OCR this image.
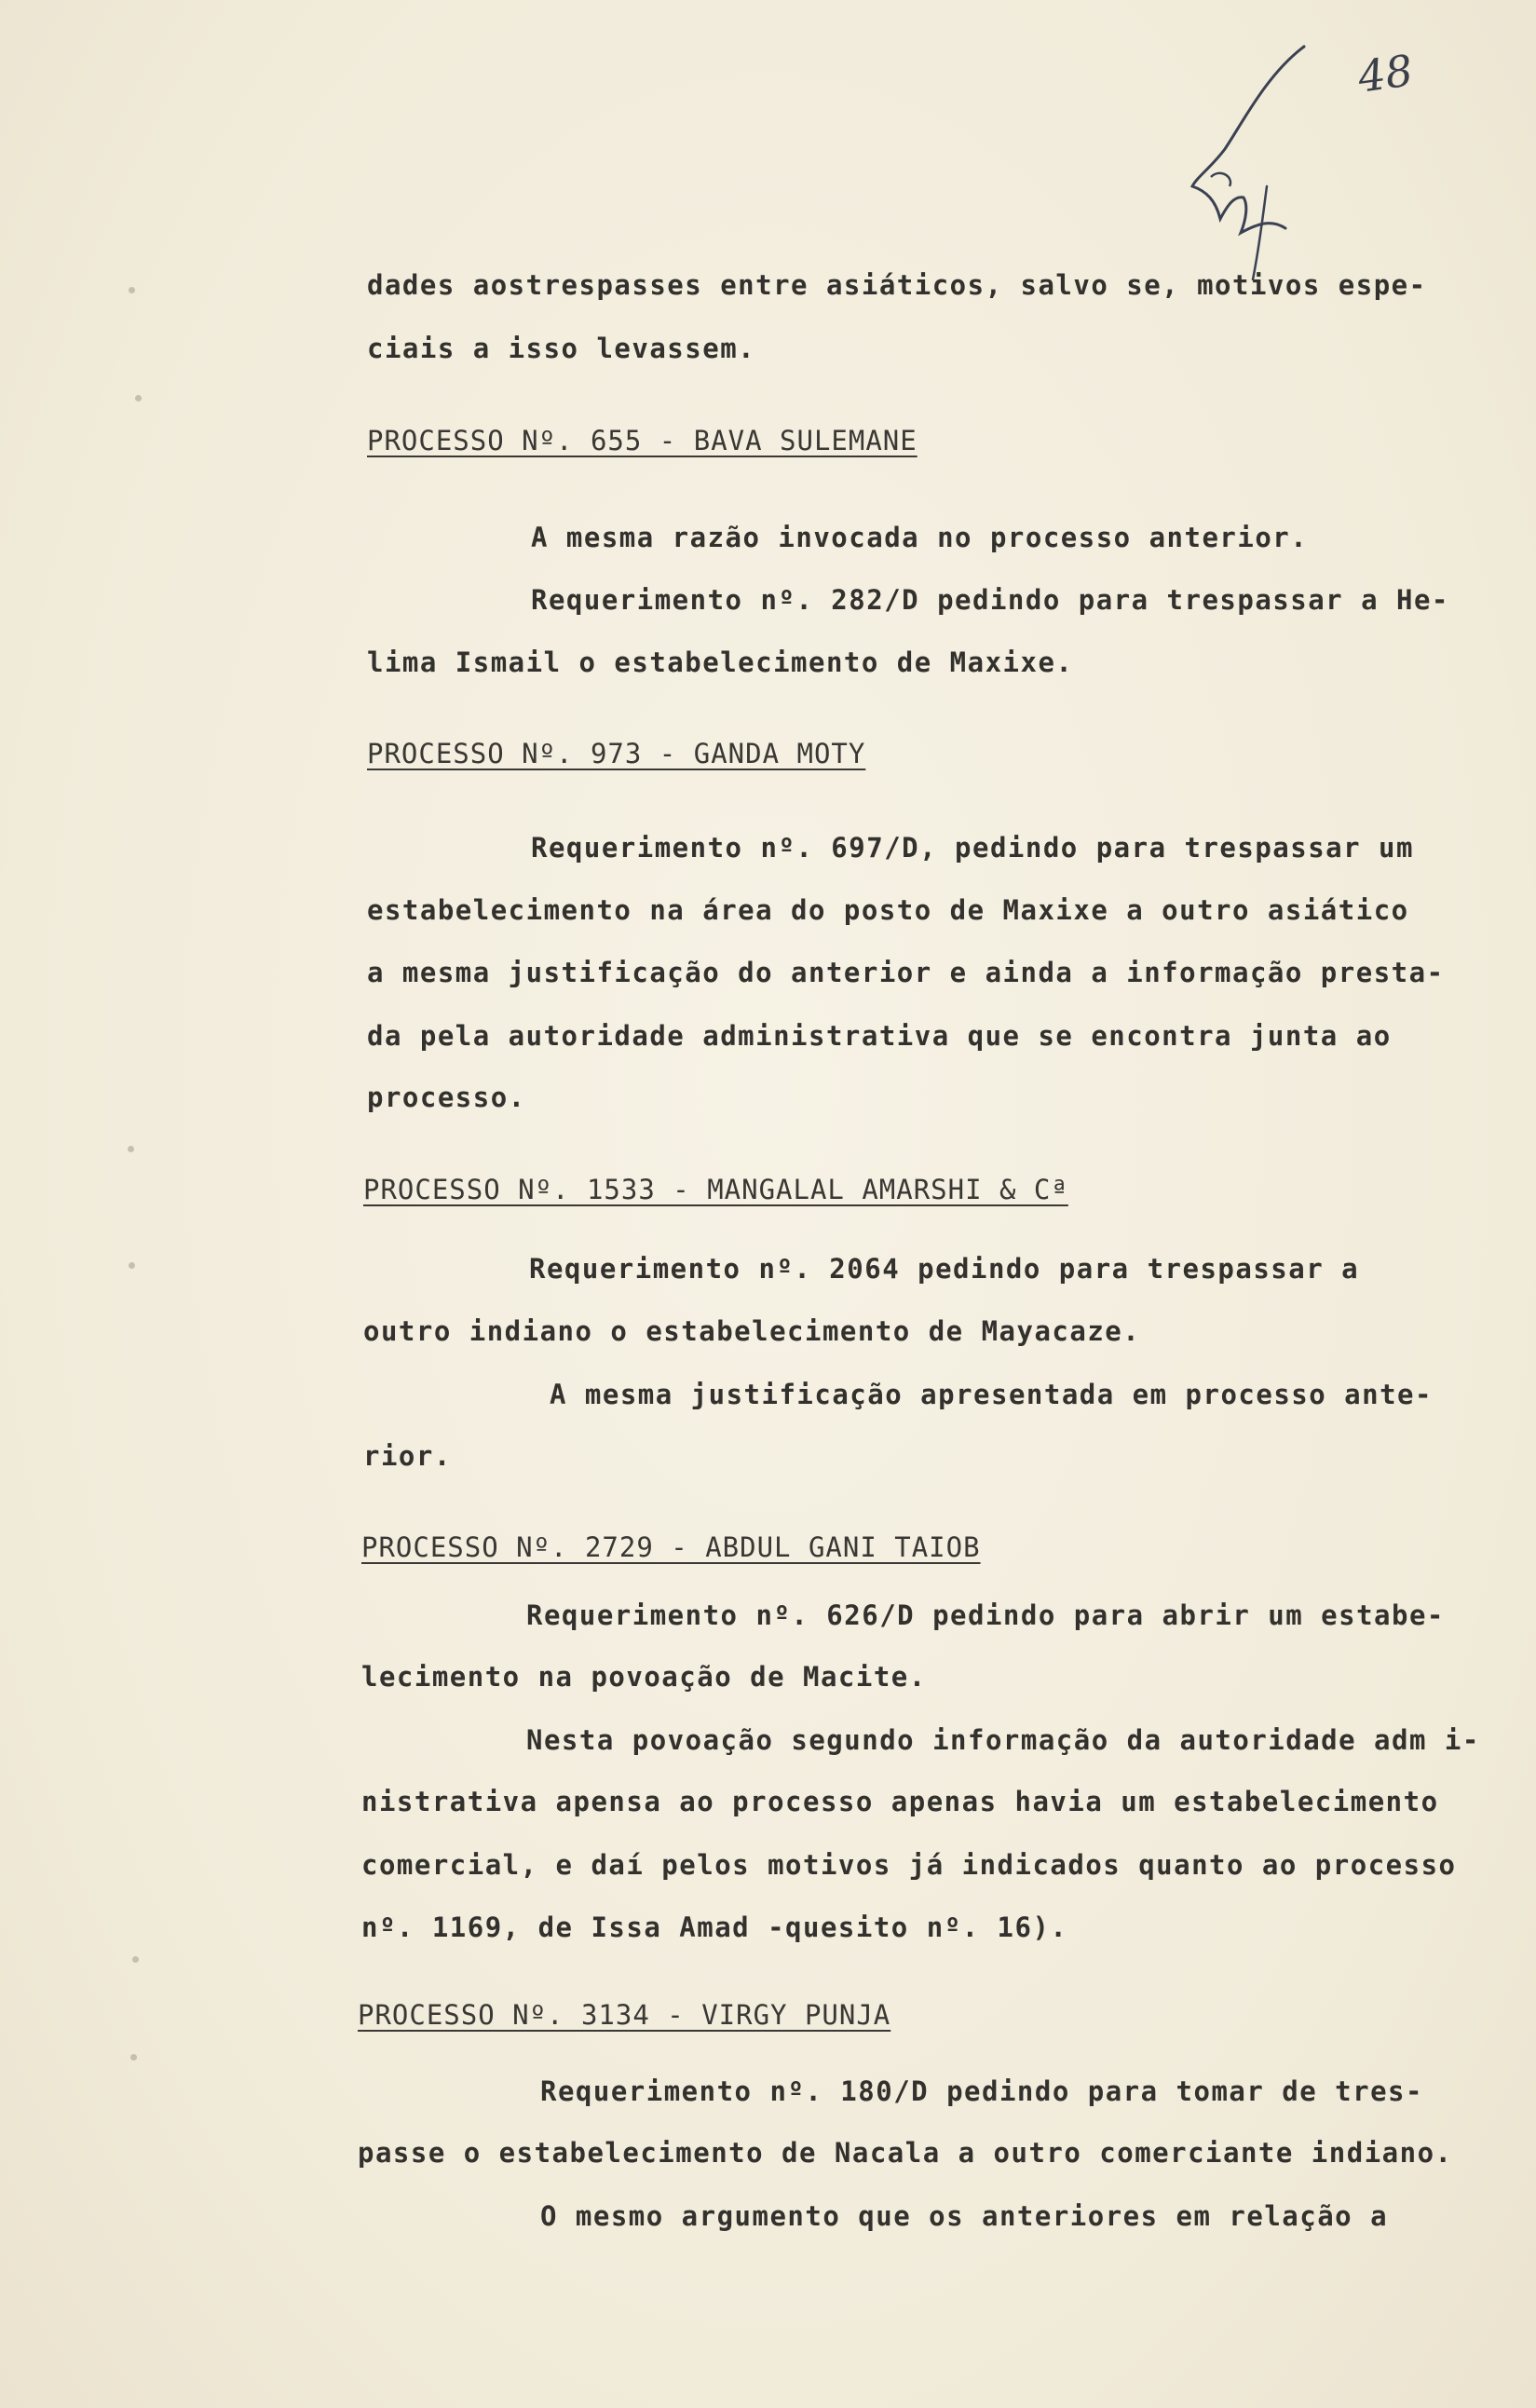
48
dades aostrespasses entre asiáticos, salvo se, motivos espe-
ciais a isso levassem.
PROCESSO Nº. 655 - BAVA SULEMANE
A mesma razão invocada no processo anterior.
Requerimento nº. 282/D pedindo para trespassar a He-
lima Ismail o estabelecimento de Maxixe.
PROCESSO Nº. 973 - GANDA MOTY
Requerimento nº. 697/D, pedindo para trespassar um
estabelecimento na área do posto de Maxixe a outro asiático
a mesma justificação do anterior e ainda a informação presta-
da pela autoridade administrativa que se encontra junta ao
processo.
PROCESSO Nº. 1533 - MANGALAL AMARSHI & Cª
Requerimento nº. 2064 pedindo para trespassar a
outro indiano o estabelecimento de Mayacaze.
A mesma justificação apresentada em processo ante-
rior.
PROCESSO Nº. 2729 - ABDUL GANI TAIOB
Requerimento nº. 626/D pedindo para abrir um estabe-
lecimento na povoação de Macite.
Nesta povoação segundo informação da autoridade adm i-
nistrativa apensa ao processo apenas havia um estabelecimento
comercial, e daí pelos motivos já indicados quanto ao processo
nº. 1169, de Issa Amad -quesito nº. 16).
PROCESSO Nº. 3134 - VIRGY PUNJA
Requerimento nº. 180/D pedindo para tomar de tres-
passe o estabelecimento de Nacala a outro comerciante indiano.
O mesmo argumento que os anteriores em relação a
